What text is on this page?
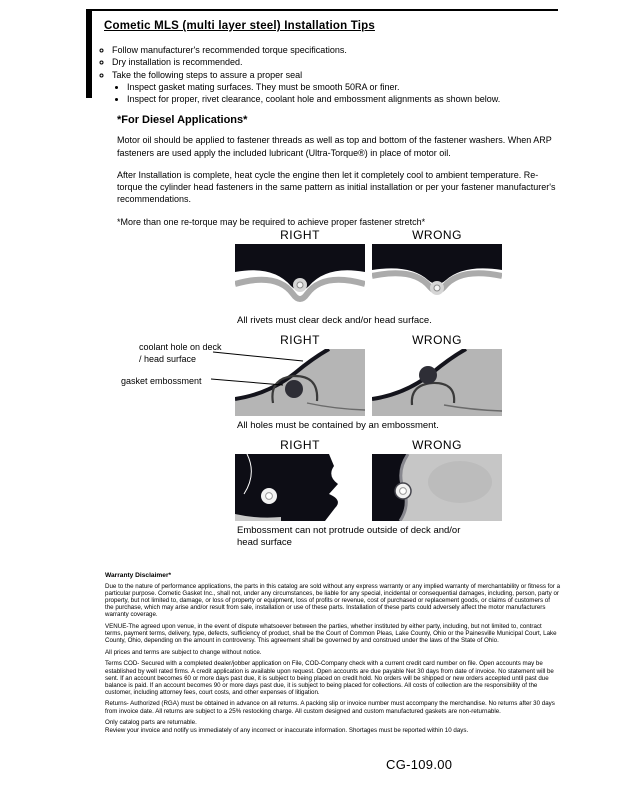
Cometic MLS (multi layer steel) Installation Tips
◦ Follow manufacturer's recommended torque specifications.
◦ Dry installation is recommended.
◦ Take the following steps to assure a proper seal
• Inspect gasket mating surfaces. They must be smooth 50RA or finer.
• Inspect for proper, rivet clearance, coolant hole and embossment alignments as shown below.
*For Diesel Applications*

Motor oil should be applied to fastener threads as well as top and bottom of the fastener washers. When ARP fasteners are used apply the included lubricant (Ultra-Torque®) in place of motor oil.

After Installation is complete, heat cycle the engine then let it completely cool to ambient temperature. Re-torque the cylinder head fasteners in the same pattern as initial installation or per your fastener manufacturer's recommendations.

*More than one re-torque may be required to achieve proper fastener stretch*

RIGHT	WRONG
All rivets must clear deck and/or head surface.
RIGHT	WRONG
All holes must be contained by an embossment.
RIGHT	WRONG
Embossment can not protrude outside of deck and/or head surface
coolant hole on deck / head surface
gasket embossment
Warranty Disclaimer*

Due to the nature of performance applications, the parts in this catalog are sold without any express warranty or any implied warranty of merchantability or fitness for a particular purpose. Cometic Gasket Inc., shall not, under any circumstances, be liable for any special, incidental or consequential damages, including, person, party or property, but not limited to, damage, or loss of property or equipment, loss of profits or revenue, cost of purchased or replacement goods, or claims of customers of the purchase, which may arise and/or result from sale, installation or use of these parts. Installation of these parts could adversely affect the motor manufacturers warranty coverage.

VENUE-The agreed upon venue, in the event of dispute whatsoever between the parties, whether instituted by either party, including, but not limited to, contract terms, payment terms, delivery, type, defects, sufficiency of product, shall be the Court of Common Pleas, Lake County, Ohio or the Painesville Municipal Court, Lake County, Ohio, depending on the amount in controversy. This agreement shall be governed by and construed under the laws of the State of Ohio.

All prices and terms are subject to change without notice.

Terms COD- Secured with a completed dealer/jobber application on File, COD-Company check with a current credit card number on file. Open accounts may be established by well rated firms. A credit application is available upon request. Open accounts are due payable Net 30 days from date of invoice. No statement will be sent. If an account becomes 60 or more days past due, it is subject to being placed on credit hold. No orders will be shipped or new orders accepted until past due balance is paid. If an account becomes 90 or more days past due, it is subject to being placed for collections. All costs of collection are the responsibility of the customer, including attorney fees, court costs, and other expenses of litigation.

Returns- Authorized (RGA) must be obtained in advance on all returns. A packing slip or invoice number must accompany the merchandise. No returns after 30 days from invoice date. All returns are subject to a 25% restocking charge. All custom designed and custom manufactured gaskets are non-returnable.

Only catalog parts are returnable.

Review your invoice and notify us immediately of any incorrect or inaccurate information. Shortages must be reported within 10 days.

CG-109.00
